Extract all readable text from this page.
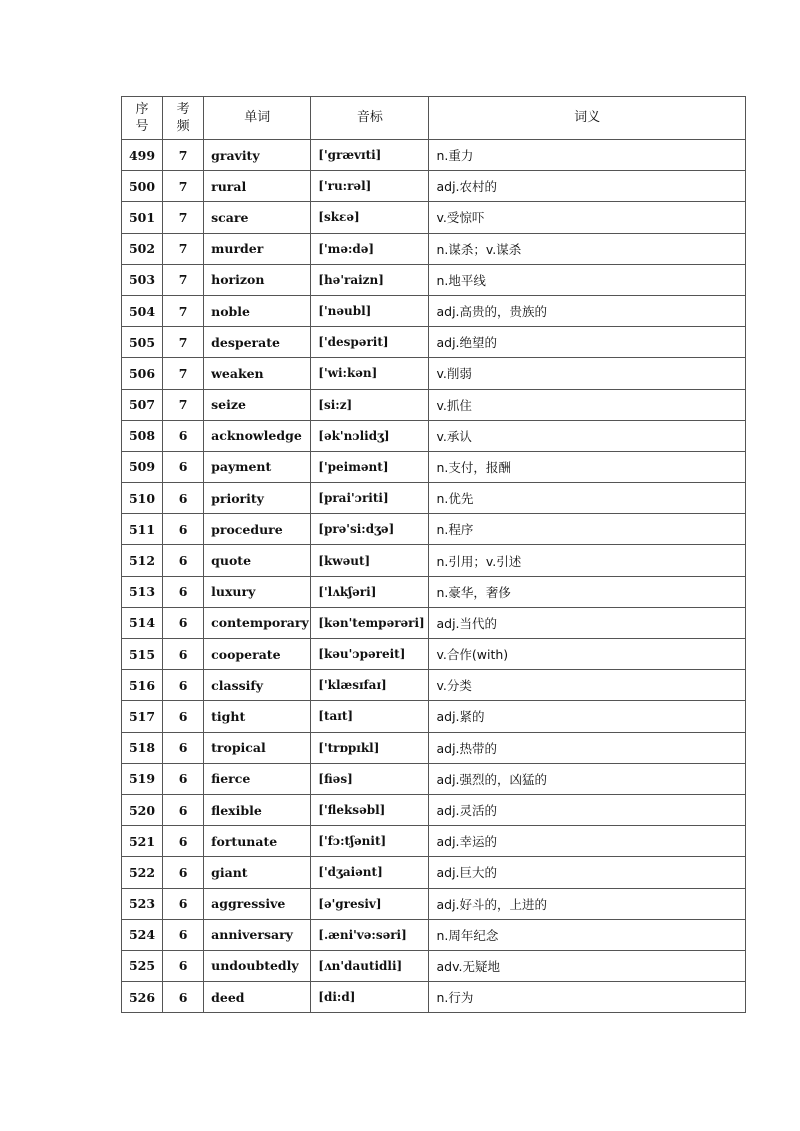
序号	考频	单词	音标	词义
499	7	gravity	['grævɪti]	n.重力
500	7	rural	['ru:rəl]	adj.农村的
501	7	scare	[skɛə]	v.受惊吓
502	7	murder	['mə:də]	n.谋杀；v.谋杀
503	7	horizon	[hə'raizn]	n.地平线
504	7	noble	['nəubl]	adj.高贵的，贵族的
505	7	desperate	['despərit]	adj.绝望的
506	7	weaken	['wi:kən]	v.削弱
507	7	seize	[si:z]	v.抓住
508	6	acknowledge	[ək'nɔlidʒ]	v.承认
509	6	payment	['peimənt]	n.支付，报酬
510	6	priority	[prai'ɔriti]	n.优先
511	6	procedure	[prə'si:dʒə]	n.程序
512	6	quote	[kwəut]	n.引用；v.引述
513	6	luxury	['lʌkʃəri]	n.豪华，奢侈
514	6	contemporary	[kən'tempərəri]	adj.当代的
515	6	cooperate	[kəu'ɔpəreit]	v.合作(with)
516	6	classify	['klæsɪfaɪ]	v.分类
517	6	tight	[taɪt]	adj.紧的
518	6	tropical	['trɒpɪkl]	adj.热带的
519	6	fierce	[fiəs]	adj.强烈的，凶猛的
520	6	flexible	['fleksəbl]	adj.灵活的
521	6	fortunate	['fɔ:tʃənit]	adj.幸运的
522	6	giant	['dʒaiənt]	adj.巨大的
523	6	aggressive	[ə'gresiv]	adj.好斗的，上进的
524	6	anniversary	[.æni'və:səri]	n.周年纪念
525	6	undoubtedly	[ʌn'dautidli]	adv.无疑地
526	6	deed	[di:d]	n.行为
